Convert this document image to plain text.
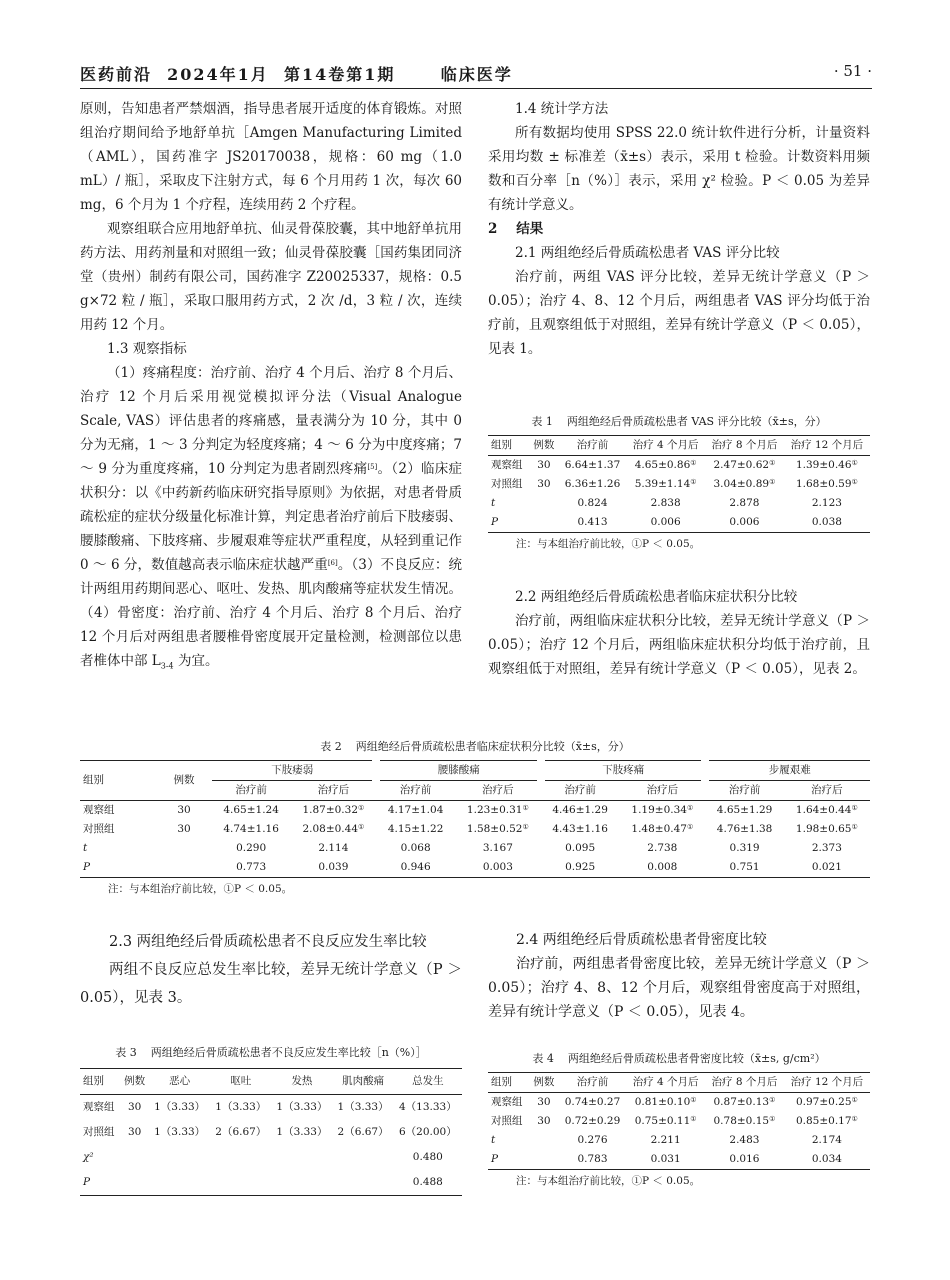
医药前沿  2024年1月  第14卷第1期      临床医学	· 51 ·

原则，告知患者严禁烟酒，指导患者展开适度的体育锻炼。对照组治疗期间给予地舒单抗［Amgen Manufacturing Limited（AML），国药准字 JS20170038，规格：60 mg（1.0 mL）/ 瓶］，采取皮下注射方式，每 6 个月用药 1 次，每次 60 mg，6 个月为 1 个疗程，连续用药 2 个疗程。

观察组联合应用地舒单抗、仙灵骨葆胶囊，其中地舒单抗用药方法、用药剂量和对照组一致；仙灵骨葆胶囊［国药集团同济堂（贵州）制药有限公司，国药准字 Z20025337，规格：0.5 g×72 粒 / 瓶］，采取口服用药方式，2 次 /d，3 粒 / 次，连续用药 12 个月。

1.3 观察指标

（1）疼痛程度：治疗前、治疗 4 个月后、治疗 8 个月后、治疗 12 个月后采用视觉模拟评分法（Visual Analogue Scale, VAS）评估患者的疼痛感，量表满分为 10 分，其中 0 分为无痛，1 ～ 3 分判定为轻度疼痛；4 ～ 6 分为中度疼痛；7 ～ 9 分为重度疼痛，10 分判定为患者剧烈疼痛[5]。（2）临床症状积分：以《中药新药临床研究指导原则》为依据，对患者骨质疏松症的症状分级量化标准计算，判定患者治疗前后下肢痿弱、腰膝酸痛、下肢疼痛、步履艰难等症状严重程度，从轻到重记作 0 ～ 6 分，数值越高表示临床症状越严重[6]。（3）不良反应：统计两组用药期间恶心、呕吐、发热、肌肉酸痛等症状发生情况。（4）骨密度：治疗前、治疗 4 个月后、治疗 8 个月后、治疗 12 个月后对两组患者腰椎骨密度展开定量检测，检测部位以患者椎体中部 $L_{3-4}$ 为宜。

1.4 统计学方法

所有数据均使用 SPSS 22.0 统计软件进行分析，计量资料采用均数 ± 标准差（x̄±s）表示，采用 t 检验。计数资料用频数和百分率［n（%）］表示，采用 χ² 检验。P ＜ 0.05 为差异有统计学意义。

2    结果

2.1 两组绝经后骨质疏松患者 VAS 评分比较

治疗前，两组 VAS 评分比较，差异无统计学意义（P ＞ 0.05）；治疗 4、8、12 个月后，两组患者 VAS 评分均低于治疗前，且观察组低于对照组，差异有统计学意义（P ＜ 0.05），见表 1。

表 1    两组绝经后骨质疏松患者 VAS 评分比较（x̄±s，分）

组别	例数	治疗前	治疗 4 个月后	治疗 8 个月后	治疗 12 个月后
观察组	30	6.64±1.37	4.65±0.86①	2.47±0.62①	1.39±0.46①
对照组	30	6.36±1.26	5.39±1.14①	3.04±0.89①	1.68±0.59①
t		0.824	2.838	2.878	2.123
P		0.413	0.006	0.006	0.038

注：与本组治疗前比较，①P ＜ 0.05。

2.2 两组绝经后骨质疏松患者临床症状积分比较

治疗前，两组临床症状积分比较，差异无统计学意义（P ＞ 0.05）；治疗 12 个月后，两组临床症状积分均低于治疗前，且观察组低于对照组，差异有统计学意义（P ＜ 0.05），见表 2。

表 2    两组绝经后骨质疏松患者临床症状积分比较（x̄±s，分）

组别	例数	下肢痿弱		腰膝酸痛		下肢疼痛		步履艰难	
		治疗前	治疗后	治疗前	治疗后	治疗前	治疗后	治疗前	治疗后
观察组	30	4.65±1.24	1.87±0.32①	4.17±1.04	1.23±0.31①	4.46±1.29	1.19±0.34①	4.65±1.29	1.64±0.44①
对照组	30	4.74±1.16	2.08±0.44①	4.15±1.22	1.58±0.52①	4.43±1.16	1.48±0.47①	4.76±1.38	1.98±0.65①
t		0.290	2.114	0.068	3.167	0.095	2.738	0.319	2.373
P		0.773	0.039	0.946	0.003	0.925	0.008	0.751	0.021

注：与本组治疗前比较，①P ＜ 0.05。

2.3 两组绝经后骨质疏松患者不良反应发生率比较

两组不良反应总发生率比较，差异无统计学意义（P ＞ 0.05），见表 3。

表 3    两组绝经后骨质疏松患者不良反应发生率比较［n（%）］

组别	例数	恶心	呕吐	发热	肌肉酸痛	总发生
观察组	30	1（3.33）	1（3.33）	1（3.33）	1（3.33）	4（13.33）
对照组	30	1（3.33）	2（6.67）	1（3.33）	2（6.67）	6（20.00）
χ²						0.480
P						0.488

2.4 两组绝经后骨质疏松患者骨密度比较

治疗前，两组患者骨密度比较，差异无统计学意义（P ＞ 0.05）；治疗 4、8、12 个月后，观察组骨密度高于对照组，差异有统计学意义（P ＜ 0.05），见表 4。

表 4    两组绝经后骨质疏松患者骨密度比较（x̄±s, g/cm²）

组别	例数	治疗前	治疗 4 个月后	治疗 8 个月后	治疗 12 个月后
观察组	30	0.74±0.27	0.81±0.10①	0.87±0.13①	0.97±0.25①
对照组	30	0.72±0.29	0.75±0.11①	0.78±0.15①	0.85±0.17①
t		0.276	2.211	2.483	2.174
P		0.783	0.031	0.016	0.034

注：与本组治疗前比较，①P ＜ 0.05。
